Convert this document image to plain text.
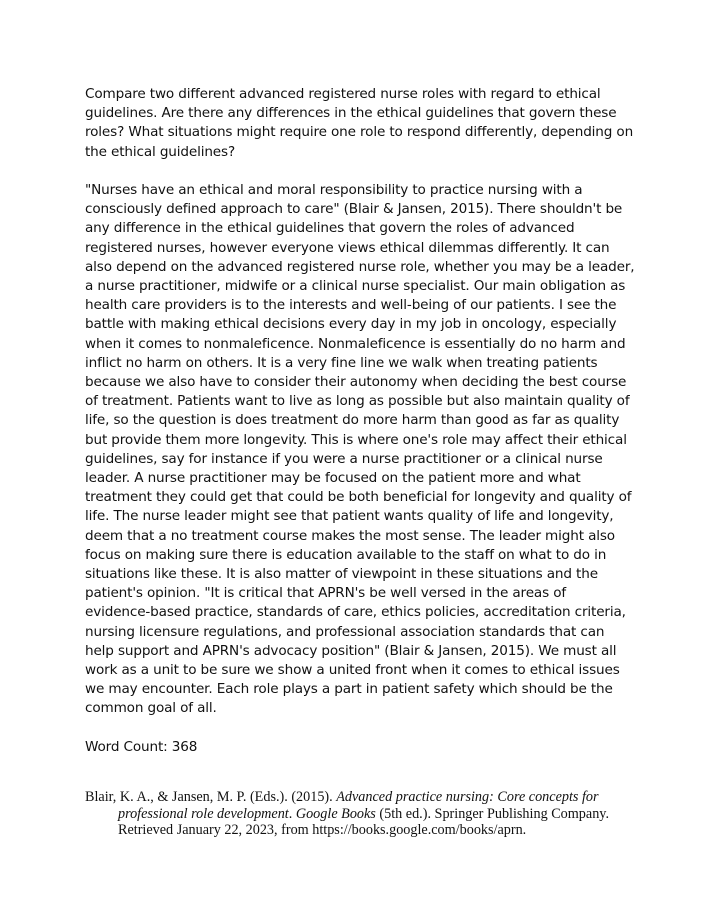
Compare two different advanced registered nurse roles with regard to ethical guidelines. Are there any differences in the ethical guidelines that govern these roles? What situations might require one role to respond differently, depending on the ethical guidelines?

"Nurses have an ethical and moral responsibility to practice nursing with a consciously defined approach to care" (Blair & Jansen, 2015). There shouldn't be any difference in the ethical guidelines that govern the roles of advanced registered nurses, however everyone views ethical dilemmas differently. It can also depend on the advanced registered nurse role, whether you may be a leader, a nurse practitioner, midwife or a clinical nurse specialist. Our main obligation as health care providers is to the interests and well-being of our patients. I see the battle with making ethical decisions every day in my job in oncology, especially when it comes to nonmaleficence. Nonmaleficence is essentially do no harm and inflict no harm on others. It is a very fine line we walk when treating patients because we also have to consider their autonomy when deciding the best course of treatment. Patients want to live as long as possible but also maintain quality of life, so the question is does treatment do more harm than good as far as quality but provide them more longevity. This is where one's role may affect their ethical guidelines, say for instance if you were a nurse practitioner or a clinical nurse leader. A nurse practitioner may be focused on the patient more and what treatment they could get that could be both beneficial for longevity and quality of life. The nurse leader might see that patient wants quality of life and longevity, deem that a no treatment course makes the most sense. The leader might also focus on making sure there is education available to the staff on what to do in situations like these. It is also matter of viewpoint in these situations and the patient's opinion. "It is critical that APRN's be well versed in the areas of evidence-based practice, standards of care, ethics policies, accreditation criteria, nursing licensure regulations, and professional association standards that can help support and APRN's advocacy position" (Blair & Jansen, 2015). We must all work as a unit to be sure we show a united front when it comes to ethical issues we may encounter. Each role plays a part in patient safety which should be the common goal of all.

Word Count: 368

Blair, K. A., & Jansen, M. P. (Eds.). (2015). Advanced practice nursing: Core concepts for professional role development. Google Books (5th ed.). Springer Publishing Company. Retrieved January 22, 2023, from https://books.google.com/books/aprn.
